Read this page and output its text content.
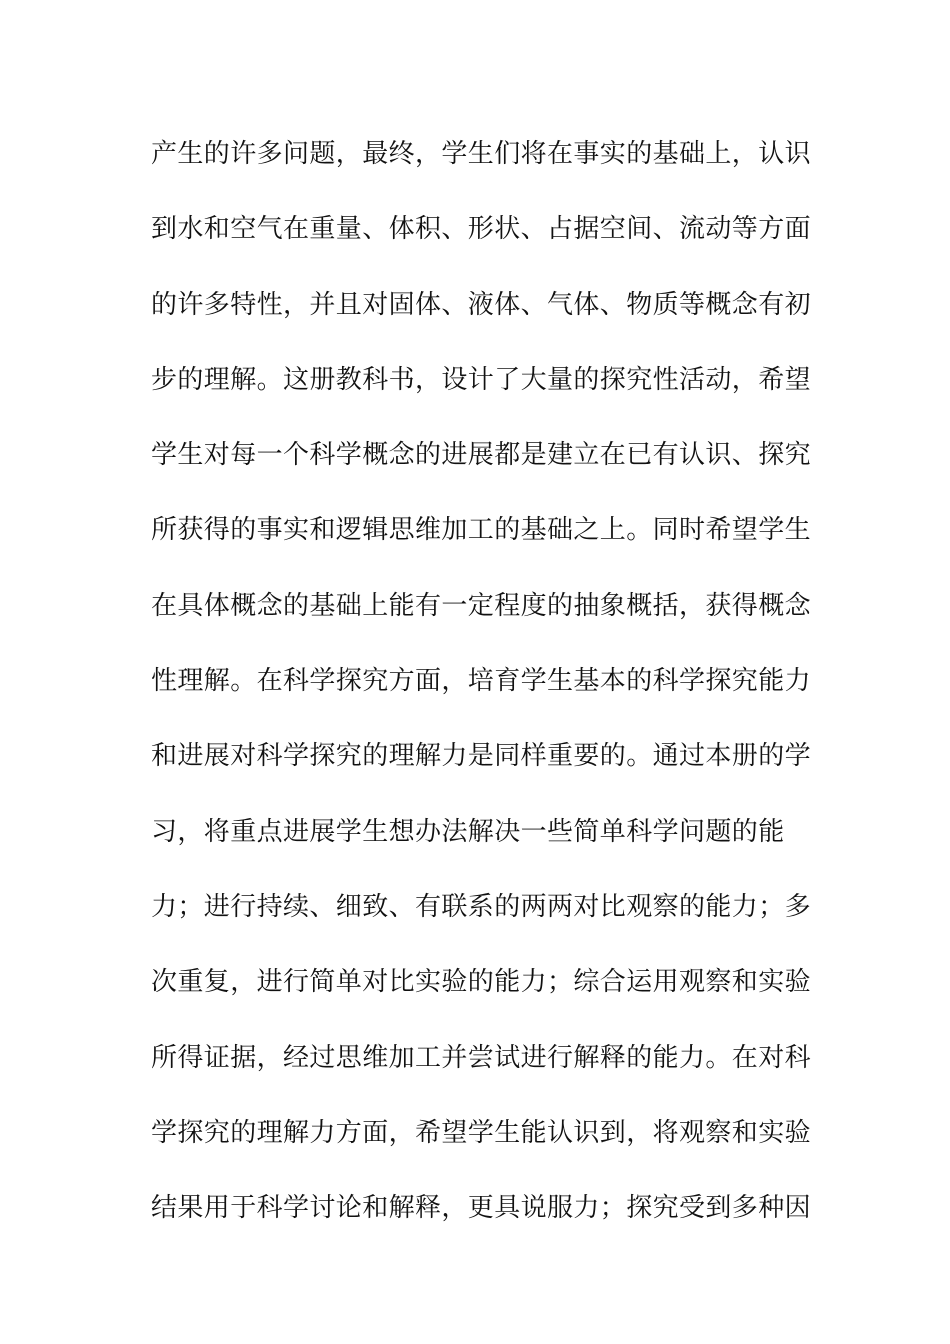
产生的许多问题，最终，学生们将在事实的基础上，认识
到水和空气在重量、体积、形状、占据空间、流动等方面
的许多特性，并且对固体、液体、气体、物质等概念有初
步的理解。这册教科书，设计了大量的探究性活动，希望
学生对每一个科学概念的进展都是建立在已有认识、探究
所获得的事实和逻辑思维加工的基础之上。同时希望学生
在具体概念的基础上能有一定程度的抽象概括，获得概念
性理解。在科学探究方面，培育学生基本的科学探究能力
和进展对科学探究的理解力是同样重要的。通过本册的学
习，将重点进展学生想办法解决一些简单科学问题的能
力；进行持续、细致、有联系的两两对比观察的能力；多
次重复，进行简单对比实验的能力；综合运用观察和实验
所得证据，经过思维加工并尝试进行解释的能力。在对科
学探究的理解力方面，希望学生能认识到，将观察和实验
结果用于科学讨论和解释，更具说服力；探究受到多种因
